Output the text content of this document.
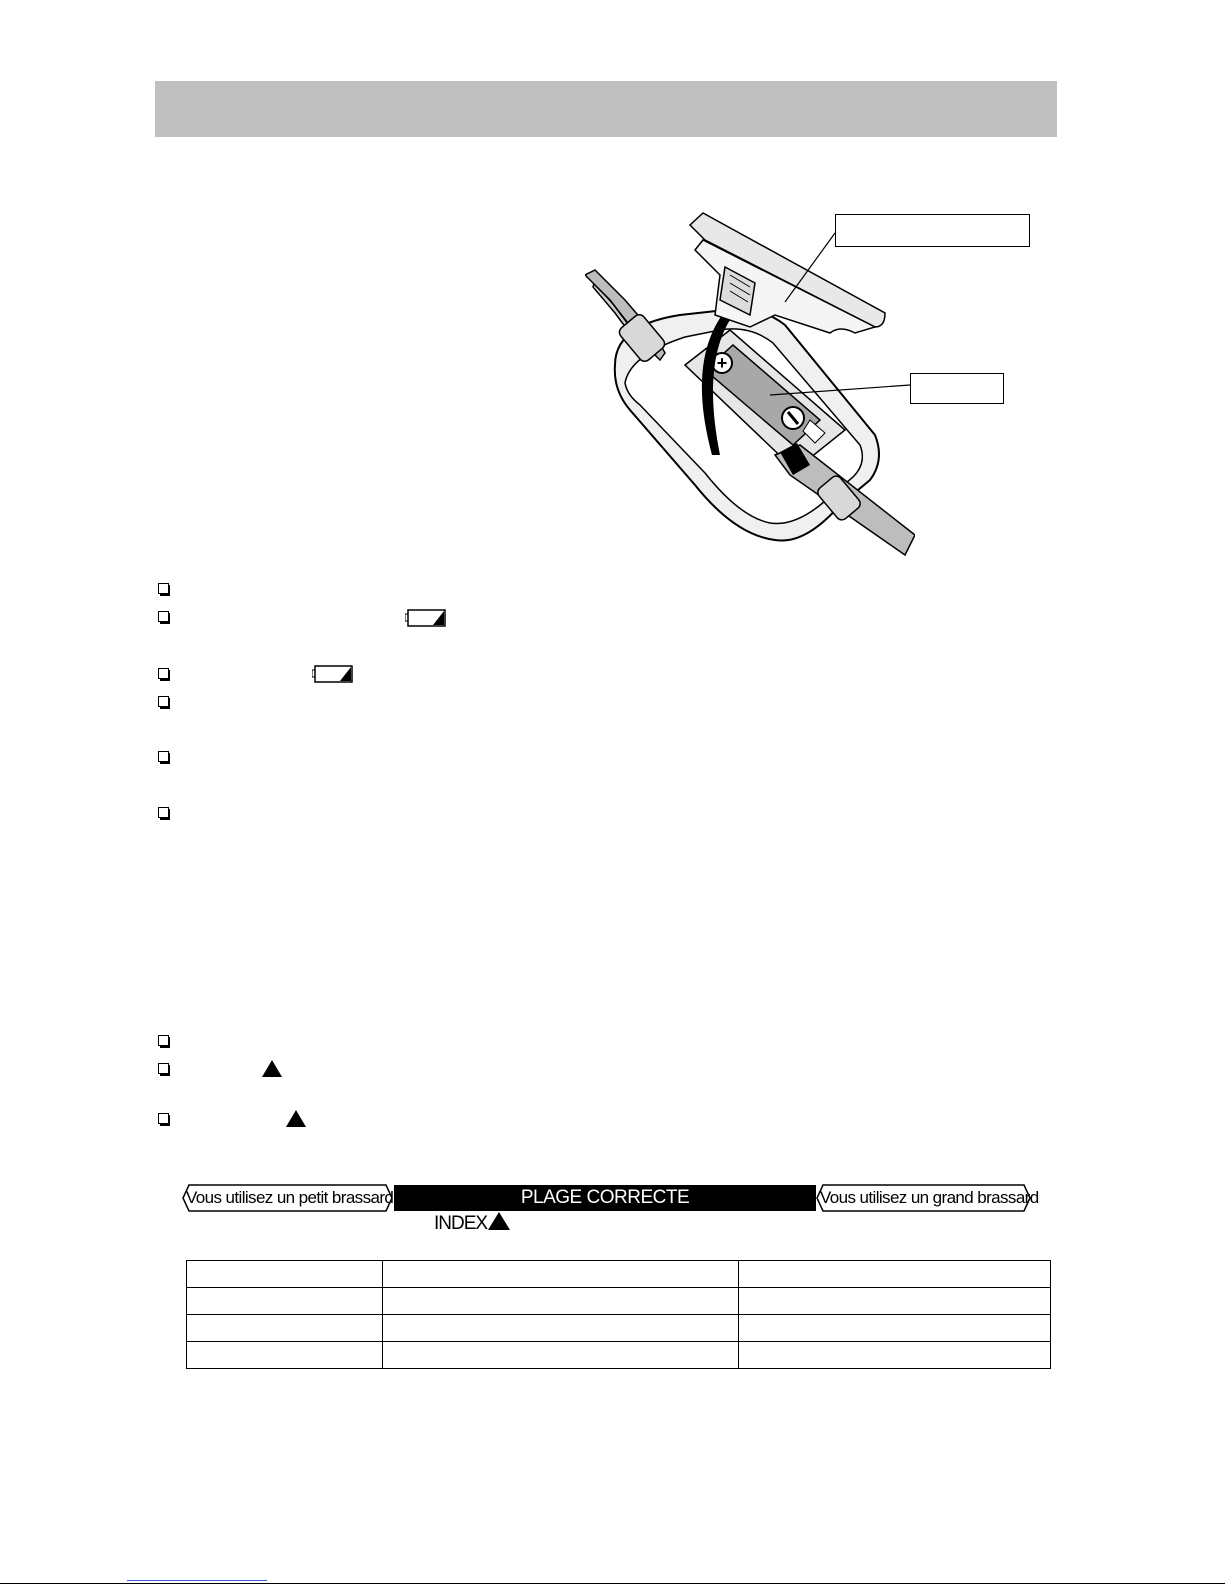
+
Vous utilisez un petit brassard	PLAGE CORRECTE	Vous utilisez un grand brassard
INDEX
